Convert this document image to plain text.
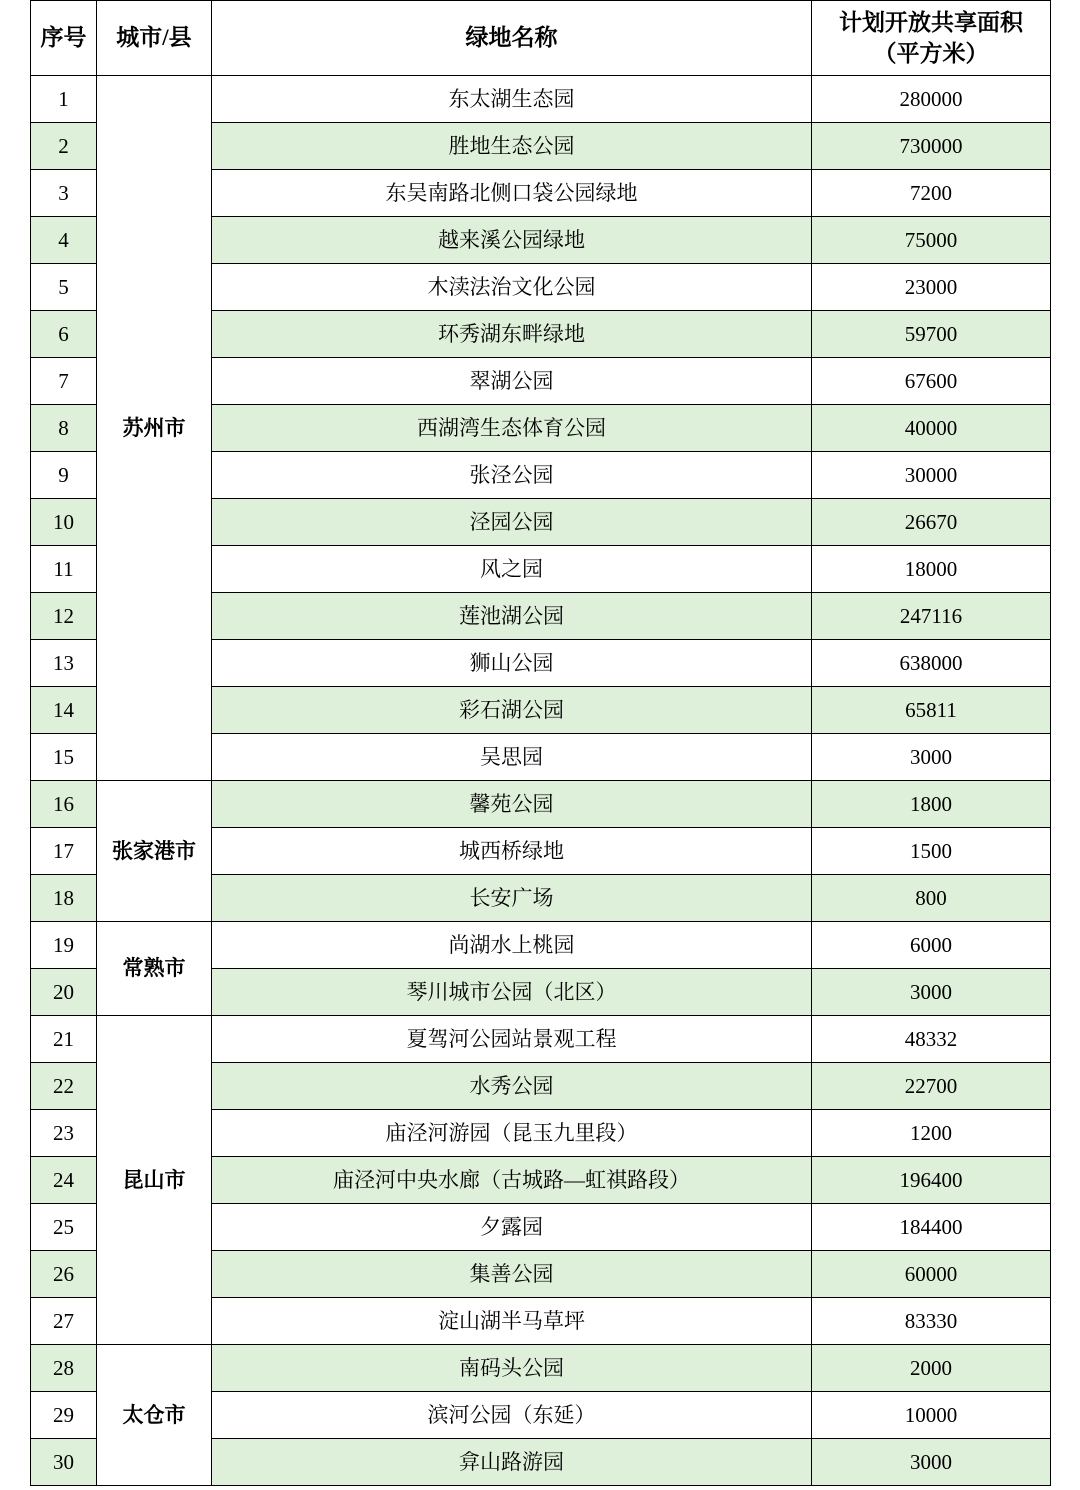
序号	城市/县	绿地名称	计划开放共享面积
（平方米）

1	苏州市	东太湖生态园	280000
2		胜地生态公园	730000
3		东吴南路北侧口袋公园绿地	7200
4		越来溪公园绿地	75000
5		木渎法治文化公园	23000
6		环秀湖东畔绿地	59700
7		翠湖公园	67600
8		西湖湾生态体育公园	40000
9		张泾公园	30000
10		泾园公园	26670
11		风之园	18000
12		莲池湖公园	247116
13		狮山公园	638000
14		彩石湖公园	65811
15		吴思园	3000
16	张家港市	馨苑公园	1800
17		城西桥绿地	1500
18		长安广场	800
19	常熟市	尚湖水上桃园	6000
20		琴川城市公园（北区）	3000
21	昆山市	夏驾河公园站景观工程	48332
22		水秀公园	22700
23		庙泾河游园（昆玉九里段）	1200
24		庙泾河中央水廊（古城路—虹祺路段）	196400
25		夕露园	184400
26		集善公园	60000
27		淀山湖半马草坪	83330
28	太仓市	南码头公园	2000
29		滨河公园（东延）	10000
30		弇山路游园	3000
